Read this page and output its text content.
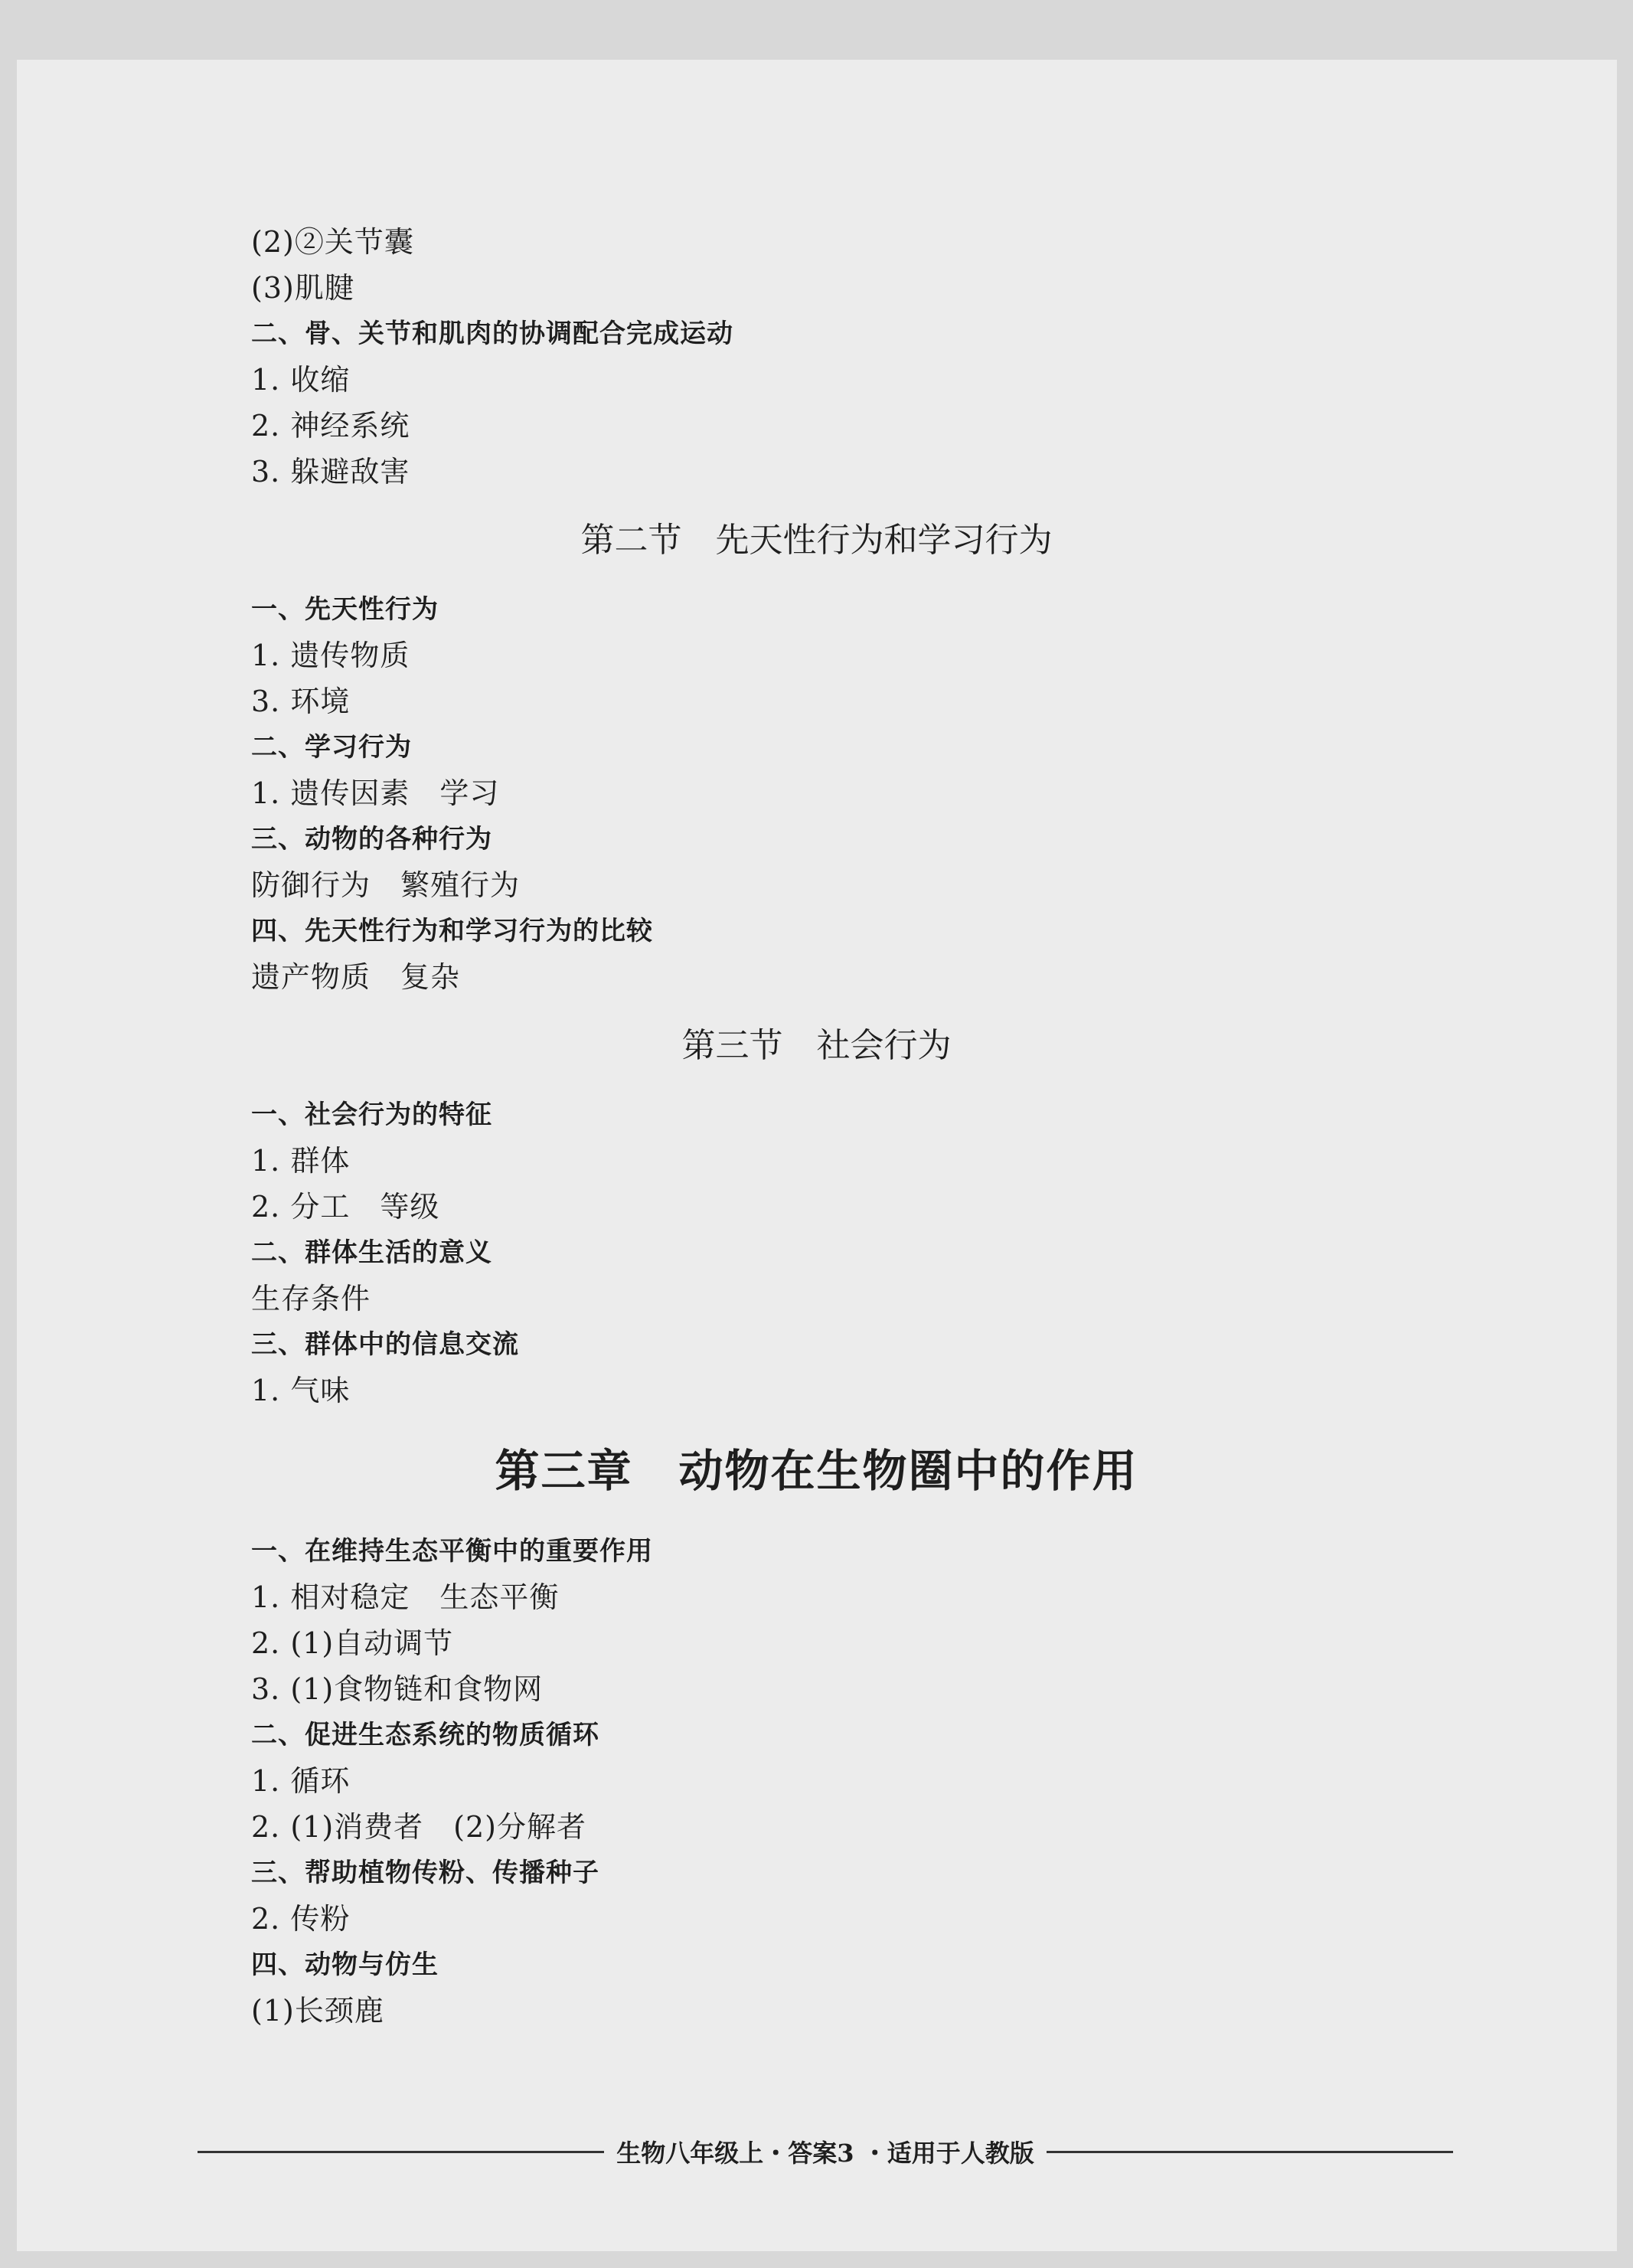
(2)②关节囊
(3)肌腱
二、骨、关节和肌肉的协调配合完成运动
1. 收缩
2. 神经系统
3. 躲避敌害
第二节　先天性行为和学习行为
一、先天性行为
1. 遗传物质
3. 环境
二、学习行为
1. 遗传因素　学习
三、动物的各种行为
防御行为　繁殖行为
四、先天性行为和学习行为的比较
遗产物质　复杂
第三节　社会行为
一、社会行为的特征
1. 群体
2. 分工　等级
二、群体生活的意义
生存条件
三、群体中的信息交流
1. 气味
第三章　动物在生物圈中的作用
一、在维持生态平衡中的重要作用
1. 相对稳定　生态平衡
2. (1)自动调节
3. (1)食物链和食物网
二、促进生态系统的物质循环
1. 循环
2. (1)消费者　(2)分解者
三、帮助植物传粉、传播种子
2. 传粉
四、动物与仿生
(1)长颈鹿
生物八年级上・答案3 ・适用于人教版
